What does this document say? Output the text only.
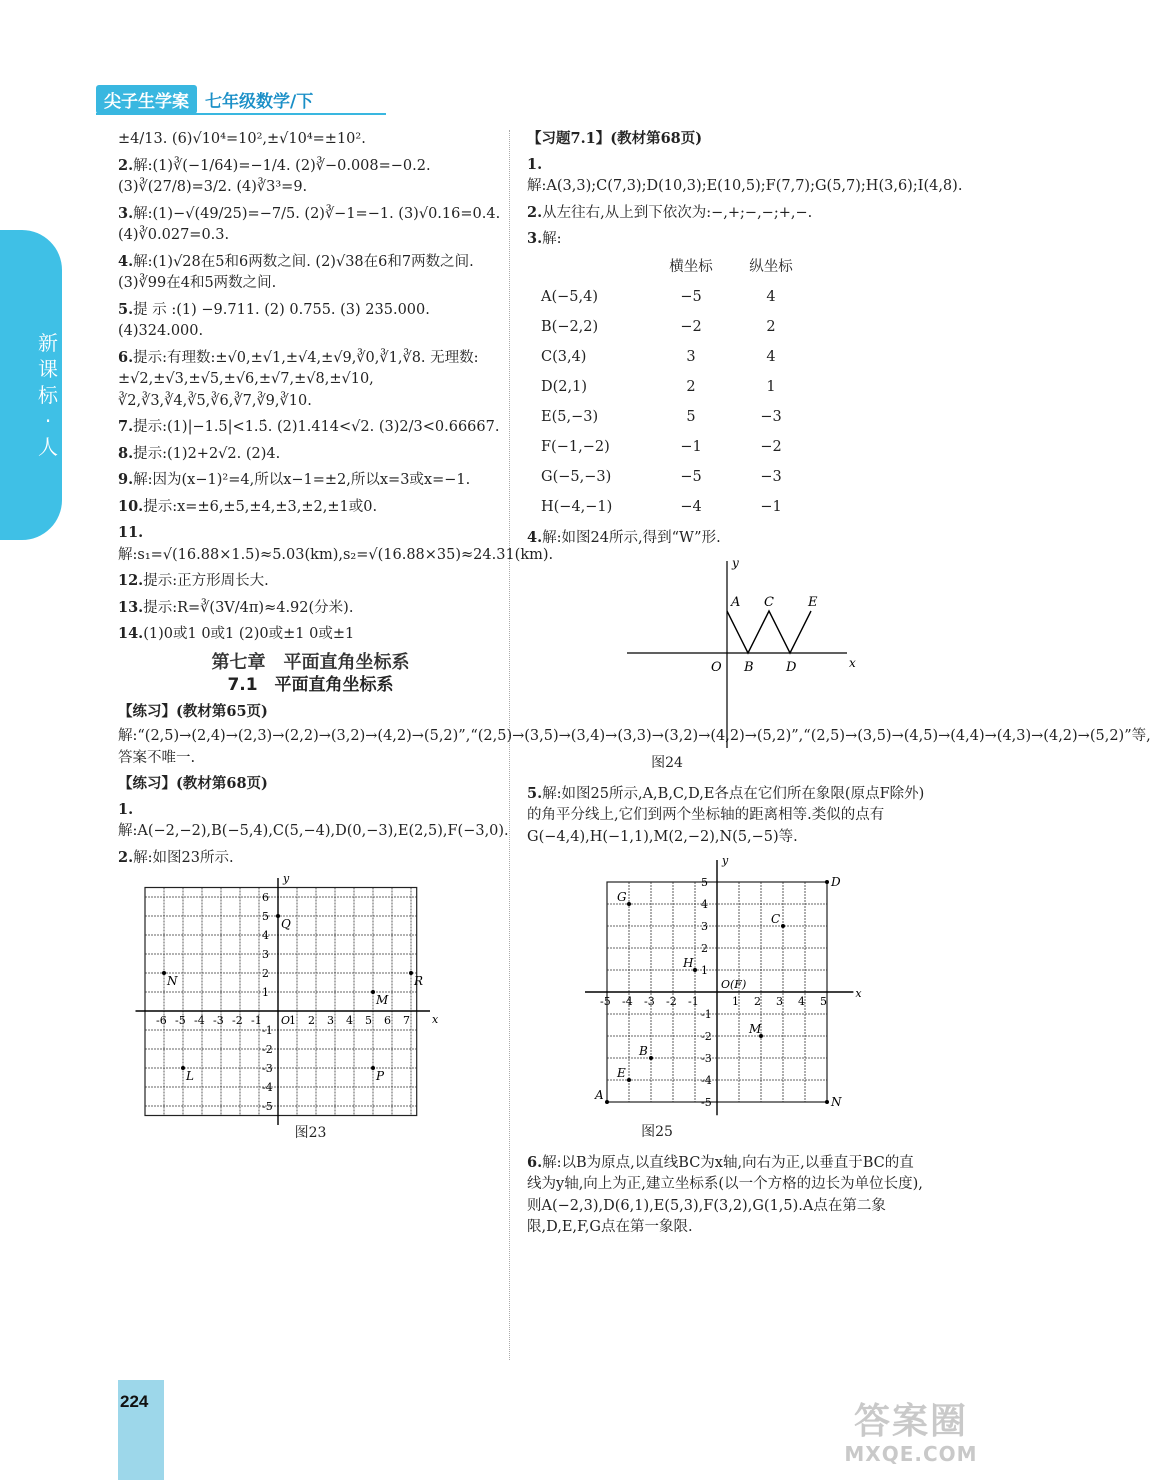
新课标·人
尖子生学案 七年级数学/下

±4/13. (6)√10⁴=10²,±√10⁴=±10².

2.解:(1)∛(−1/64)=−1/4. (2)∛−0.008=−0.2. (3)∛(27/8)=3/2. (4)∛3³=9.

3.解:(1)−√(49/25)=−7/5. (2)∛−1=−1. (3)√0.16=0.4. (4)∛0.027=0.3.

4.解:(1)√28在5和6两数之间. (2)√38在6和7两数之间. (3)∛99在4和5两数之间.

5.提 示 :(1) −9.711. (2) 0.755. (3) 235.000. (4)324.000.

6.提示:有理数:±√0,±√1,±√4,±√9,∛0,∛1,∛8. 无理数:±√2,±√3,±√5,±√6,±√7,±√8,±√10, ∛2,∛3,∛4,∛5,∛6,∛7,∛9,∛10.

7.提示:(1)|−1.5|<1.5̇. (2)1.414<√2. (3)2/3<0.66667.

8.提示:(1)2+2√2. (2)4.

9.解:因为(x−1)²=4,所以x−1=±2,所以x=3或x=−1.

10.提示:x=±6,±5,±4,±3,±2,±1或0.

11.解:s₁=√(16.88×1.5)≈5.03(km),s₂=√(16.88×35)≈24.31(km).

12.提示:正方形周长大.

13.提示:R=∛(3V/4π)≈4.92(分米).

14.(1)0或1 0或1 (2)0或±1 0或±1

第七章　平面直角坐标系
7.1　平面直角坐标系

【练习】(教材第65页)

解:“(2,5)→(2,4)→(2,3)→(2,2)→(3,2)→(4,2)→(5,2)”,“(2,5)→(3,5)→(3,4)→(3,3)→(3,2)→(4,2)→(5,2)”,“(2,5)→(3,5)→(4,5)→(4,4)→(4,3)→(4,2)→(5,2)”等,答案不唯一.

【练习】(教材第68页)

1.解:A(−2,−2),B(−5,4),C(5,−4),D(0,−3),E(2,5),F(−3,0).

2.解:如图23所示.

x
y
O
-6 -5 -4 -3 -2 -1 1 2 3 4 5 6 7
6
5
4
3
2
1
-1
-2
-3
-4
-5
N
Q
R
M
L	P
图23

【习题7.1】(教材第68页)

1.解:A(3,3);C(7,3);D(10,3);E(10,5);F(7,7);G(5,7);H(3,6);I(4,8).

2.从左往右,从上到下依次为:−,+;−,−;+,−.

3.解:

	横坐标	纵坐标
A(−5,4)	−5	4
B(−2,2)	−2	2
C(3,4)	3	4
D(2,1)	2	1
E(5,−3)	5	−3
F(−1,−2)	−1	−2
G(−5,−3)	−5	−3
H(−4,−1)	−4	−1

4.解:如图24所示,得到“W”形.

A C	E
O B D	x
y
图24

5.解:如图25所示,A,B,C,D,E各点在它们所在象限(原点F除外)的角平分线上,它们到两个坐标轴的距离相等.类似的点有G(−4,4),H(−1,1),M(2,−2),N(5,−5)等.

x
y
O(F)
-5 -4 -3 -2 -1	1 2 3 4 5
5
4
3
2
1
-1
-2
-3
-4
-5
G
D
C
H
M
B
E
A	N
图25

6.解:以B为原点,以直线BC为x轴,向右为正,以垂直于BC的直线为y轴,向上为正,建立坐标系(以一个方格的边长为单位长度),则A(−2,3),D(6,1),E(5,3),F(3,2),G(1,5).A点在第二象限,D,E,F,G点在第一象限.

224	答案圈
MXQE.COM
